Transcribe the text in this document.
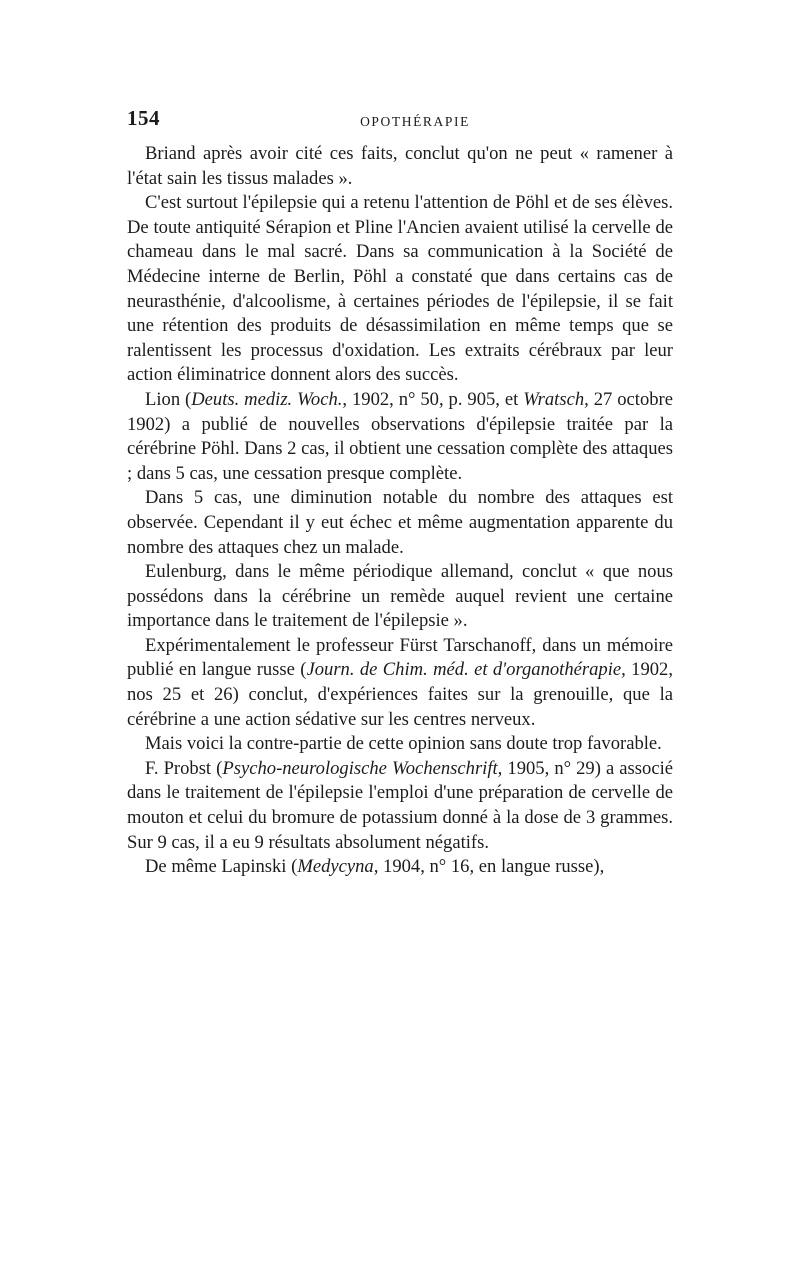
154	OPOTHÉRAPIE

Briand après avoir cité ces faits, conclut qu'on ne peut « ramener à l'état sain les tissus malades ».

C'est surtout l'épilepsie qui a retenu l'attention de Pöhl et de ses élèves. De toute antiquité Sérapion et Pline l'Ancien avaient utilisé la cervelle de chameau dans le mal sacré. Dans sa communication à la Société de Médecine interne de Berlin, Pöhl a constaté que dans certains cas de neurasthénie, d'alcoolisme, à certaines périodes de l'épilepsie, il se fait une rétention des produits de désassimilation en même temps que se ralentissent les processus d'oxidation. Les extraits cérébraux par leur action éliminatrice donnent alors des succès.

Lion (Deuts. mediz. Woch., 1902, n° 50, p. 905, et Wratsch, 27 octobre 1902) a publié de nouvelles observations d'épilepsie traitée par la cérébrine Pöhl. Dans 2 cas, il obtient une cessation complète des attaques ; dans 5 cas, une cessation presque complète.

Dans 5 cas, une diminution notable du nombre des attaques est observée. Cependant il y eut échec et même augmentation apparente du nombre des attaques chez un malade.

Eulenburg, dans le même périodique allemand, conclut « que nous possédons dans la cérébrine un remède auquel revient une certaine importance dans le traitement de l'épilepsie ».

Expérimentalement le professeur Fürst Tarschanoff, dans un mémoire publié en langue russe (Journ. de Chim. méd. et d'organothérapie, 1902, nos 25 et 26) conclut, d'expériences faites sur la grenouille, que la cérébrine a une action sédative sur les centres nerveux.

Mais voici la contre-partie de cette opinion sans doute trop favorable.

F. Probst (Psycho-neurologische Wochenschrift, 1905, n° 29) a associé dans le traitement de l'épilepsie l'emploi d'une préparation de cervelle de mouton et celui du bromure de potassium donné à la dose de 3 grammes. Sur 9 cas, il a eu 9 résultats absolument négatifs.

De même Lapinski (Medycyna, 1904, n° 16, en langue russe),
